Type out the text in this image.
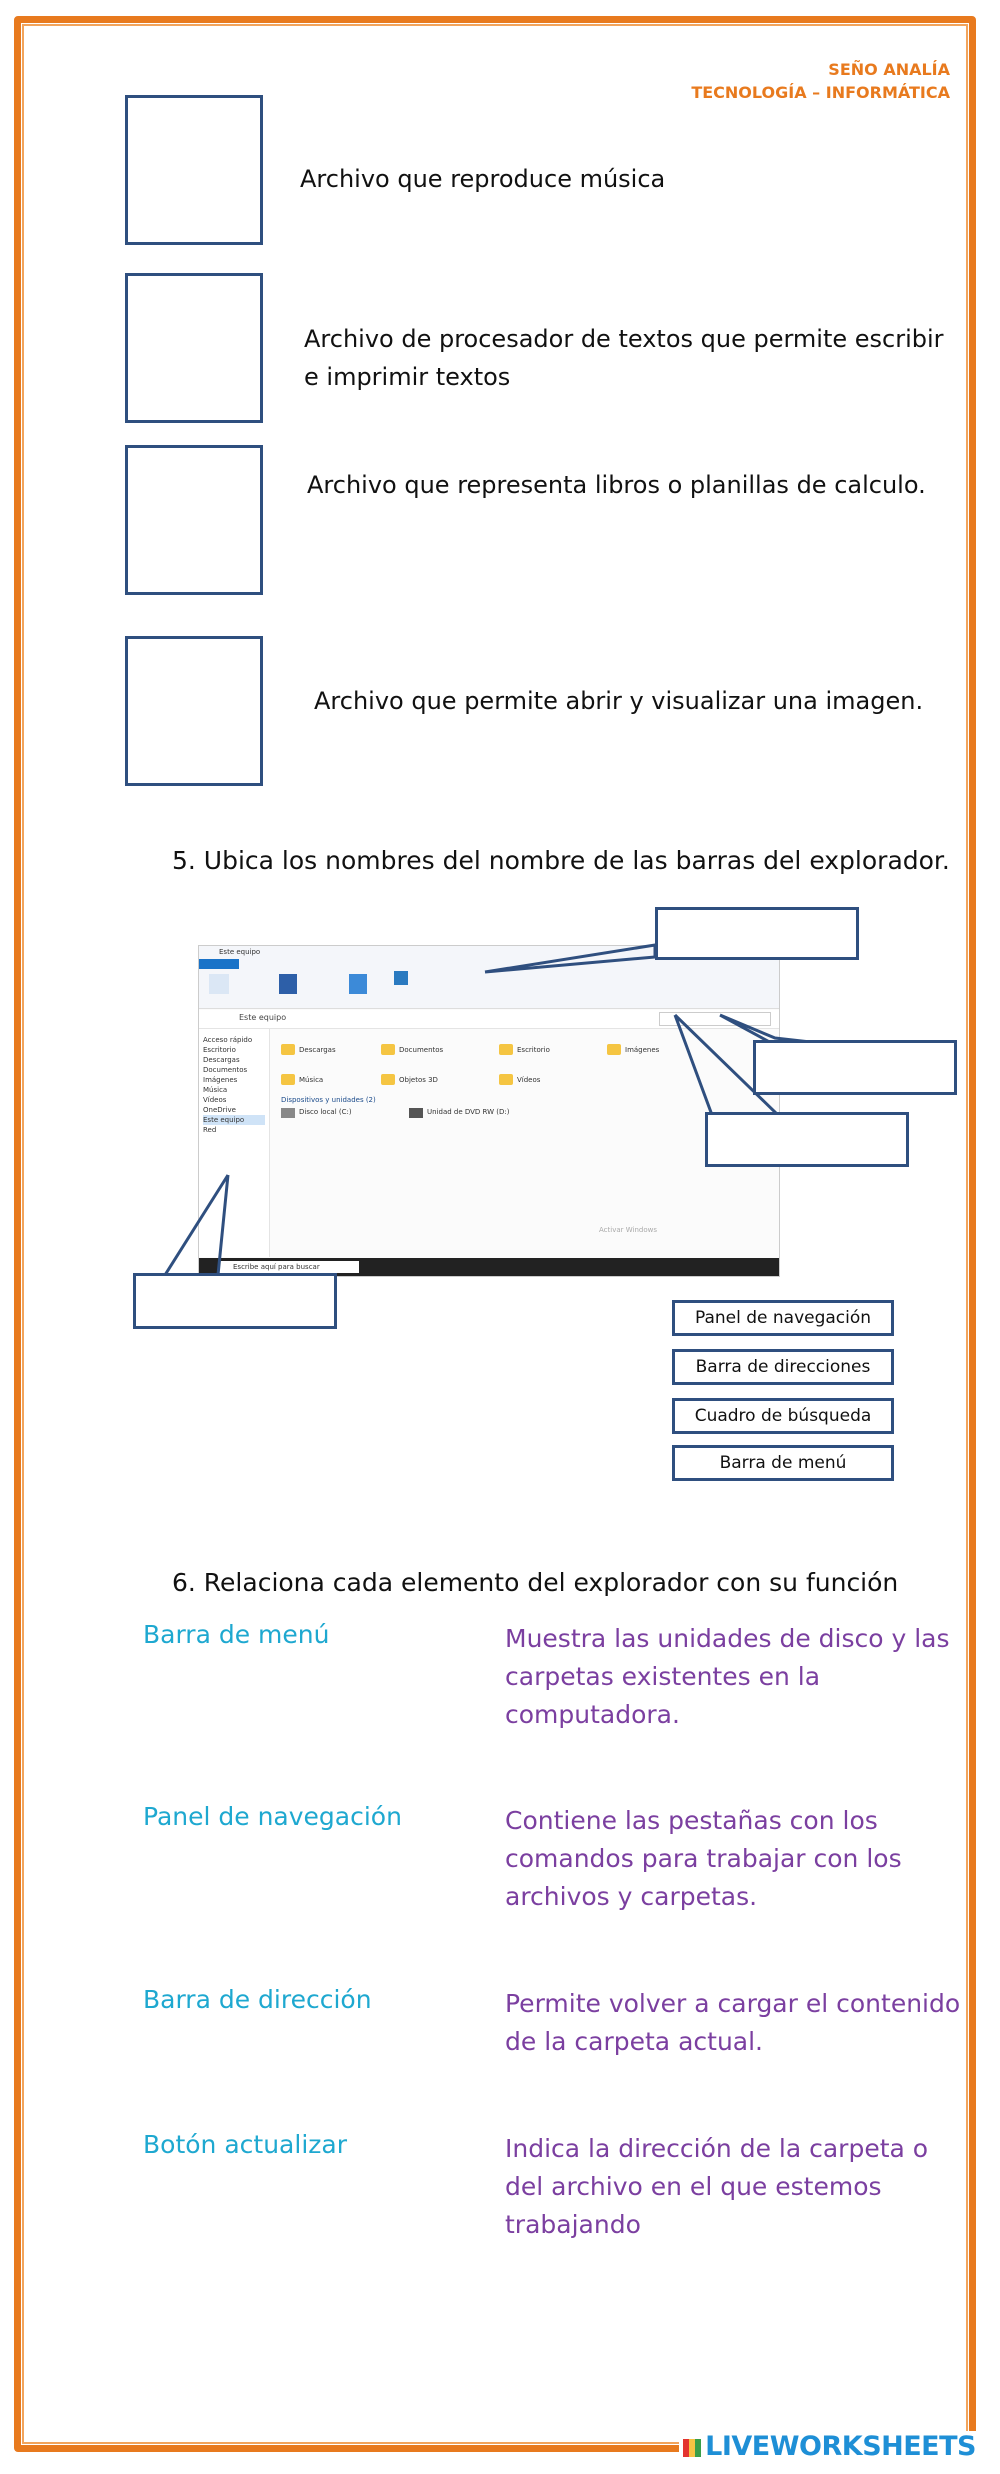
SEÑO ANALÍA
TECNOLOGÍA – INFORMÁTICA
Archivo que reproduce música
Archivo de procesador de textos que permite escribir e imprimir textos
Archivo que representa libros o planillas de calculo.
Archivo que permite abrir y visualizar una imagen.
5. Ubica los nombres del nombre de las barras del explorador.
Este equipo
Este equipo
Acceso rápido
Escritorio
Descargas
Documentos
Imágenes
Música
Vídeos
OneDrive
Este equipo
Red
Descargas	Documentos	Escritorio	Imágenes
Música	Objetos 3D	Vídeos
Dispositivos y unidades (2)
Disco local (C:)	Unidad de DVD RW (D:)
Activar Windows
Escribe aquí para buscar
Panel de navegación
Barra de direcciones
Cuadro de búsqueda
Barra de menú
6. Relaciona cada elemento del explorador con su función
Barra de menú	Muestra las unidades de disco y las carpetas existentes en la computadora.
Panel de navegación	Contiene las pestañas con los comandos para trabajar con los archivos y carpetas.
Barra de dirección	Permite volver a cargar el contenido de la carpeta actual.
Botón actualizar	Indica la dirección de la carpeta o del archivo en el que estemos trabajando
LIVEWORKSHEETS
